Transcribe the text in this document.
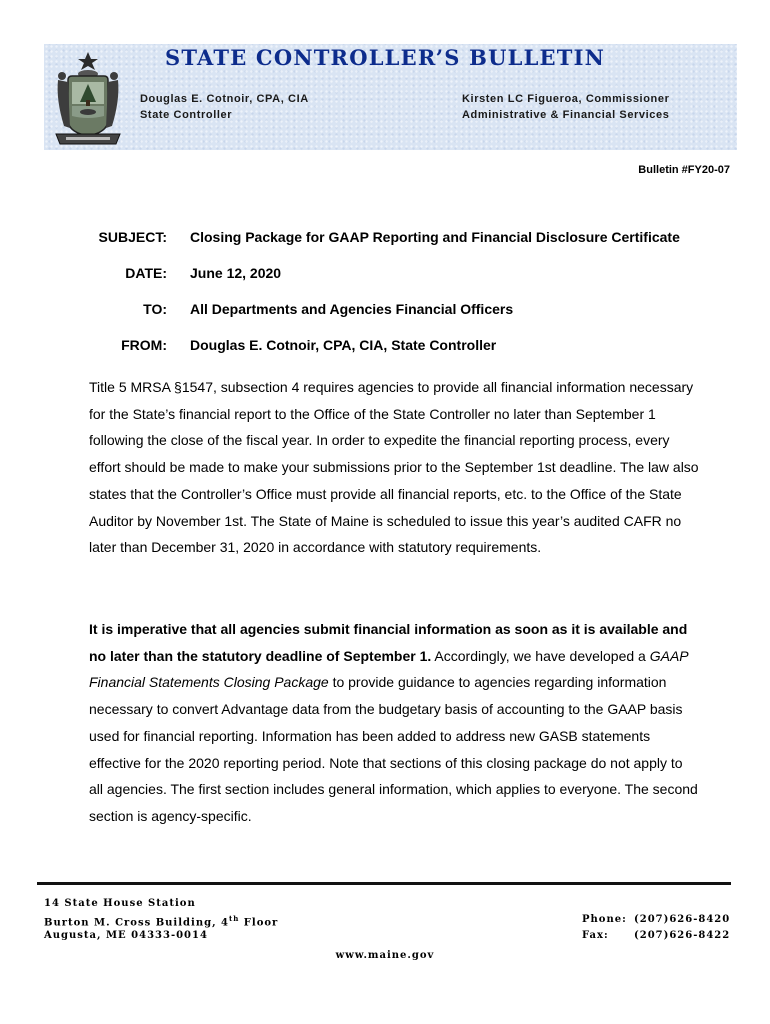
STATE CONTROLLER’S BULLETIN
Douglas E. Cotnoir, CPA, CIA
State Controller
Kirsten LC Figueroa, Commissioner
Administrative & Financial Services
Bulletin #FY20-07
SUBJECT: Closing Package for GAAP Reporting and Financial Disclosure Certificate
DATE: June 12, 2020
TO: All Departments and Agencies Financial Officers
FROM: Douglas E. Cotnoir, CPA, CIA, State Controller
Title 5 MRSA §1547, subsection 4 requires agencies to provide all financial information necessary for the State’s financial report to the Office of the State Controller no later than September 1 following the close of the fiscal year. In order to expedite the financial reporting process, every effort should be made to make your submissions prior to the September 1st deadline. The law also states that the Controller’s Office must provide all financial reports, etc. to the Office of the State Auditor by November 1st. The State of Maine is scheduled to issue this year’s audited CAFR no later than December 31, 2020 in accordance with statutory requirements.
It is imperative that all agencies submit financial information as soon as it is available and no later than the statutory deadline of September 1. Accordingly, we have developed a GAAP Financial Statements Closing Package to provide guidance to agencies regarding information necessary to convert Advantage data from the budgetary basis of accounting to the GAAP basis used for financial reporting. Information has been added to address new GASB statements effective for the 2020 reporting period. Note that sections of this closing package do not apply to all agencies. The first section includes general information, which applies to everyone. The second section is agency-specific.
14 State House Station
Burton M. Cross Building, 4th Floor
Augusta, ME 04333-0014
Phone: (207)626-8420
Fax:	(207)626-8422
www.maine.gov
